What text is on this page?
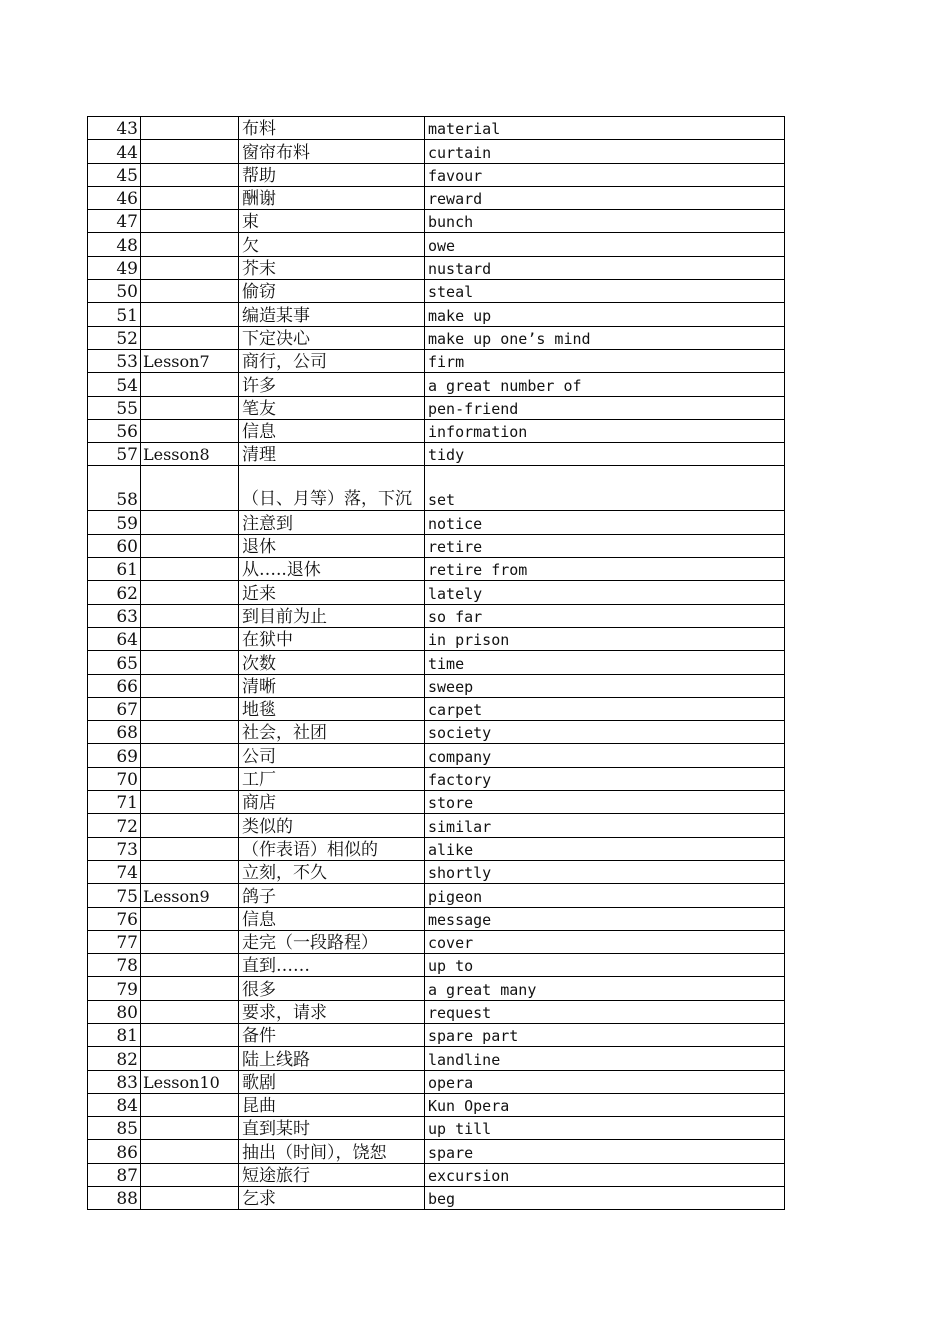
43		布料	material
44		窗帘布料	curtain
45		帮助	favour
46		酬谢	reward
47		束	bunch
48		欠	owe
49		芥末	nustard
50		偷窃	steal
51		编造某事	make up
52		下定决心	make up one’s mind
53	Lesson7	商行，公司	firm
54		许多	a great number of
55		笔友	pen-friend
56		信息	information
57	Lesson8	清理	tidy
58		（日、月等）落，下沉	set
59		注意到	notice
60		退休	retire
61		从…..退休	retire from
62		近来	lately
63		到目前为止	so far
64		在狱中	in prison
65		次数	time
66		清晰	sweep
67		地毯	carpet
68		社会，社团	society
69		公司	company
70		工厂	factory
71		商店	store
72		类似的	similar
73		（作表语）相似的	alike
74		立刻，不久	shortly
75	Lesson9	鸽子	pigeon
76		信息	message
77		走完（一段路程）	cover
78		直到……	up to
79		很多	a great many
80		要求，请求	request
81		备件	spare part
82		陆上线路	landline
83	Lesson10	歌剧	opera
84		昆曲	Kun Opera
85		直到某时	up till
86		抽出（时间），饶恕	spare
87		短途旅行	excursion
88		乞求	beg
